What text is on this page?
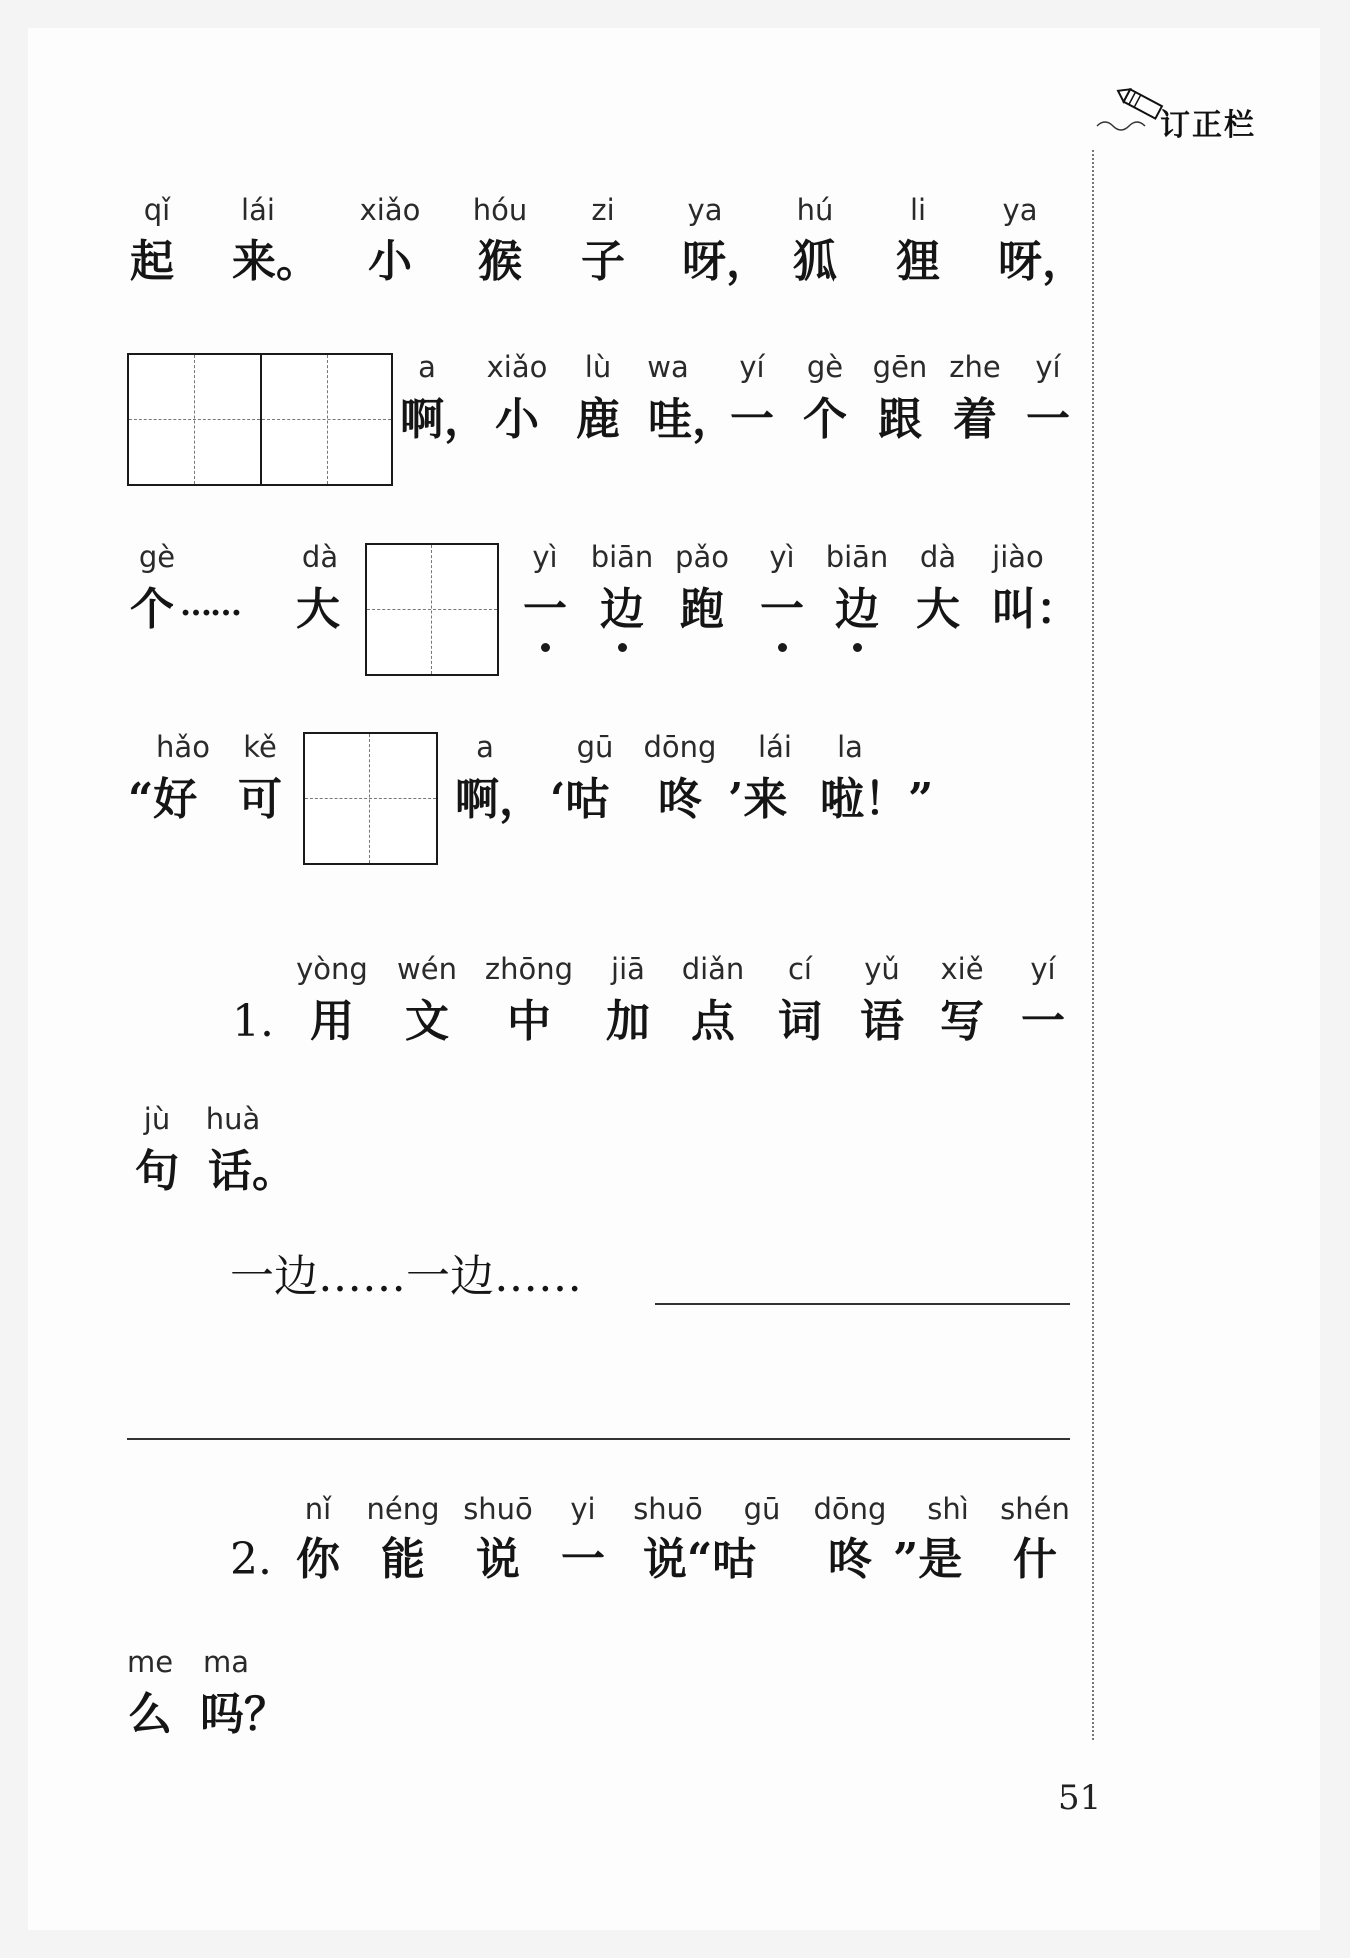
订正栏
qǐ	lái	xiǎo	hóu	zi	ya	hú	li	ya
起 来。	小	猴	子	呀， 狐	狸	呀，
a	xiǎo	lù	wa	yí	gè	gēn zhe	yí
啊， 小 鹿 哇，
一 个 跟 着 一
gè	dà	yì	biān pǎo	yì	biān	dà	jiào
个 ……	大	一 边 跑 一 边 大 叫：
hǎo	kě	a	gū	dōng	lái	la
“好 可	啊， ‘咕	咚 ’来 啦！”
yòng	wén zhōng	jiā	diǎn	cí	yǔ	xiě	yí
1. 用	文	中	加 点 词 语 写 一
jù	huà
句 话。
一边……一边……
nǐ	néng shuō	yi	shuō	gū	dōng	shì	shén
2. 你 能	说 一 说“咕	咚 ”是	什
me	ma
么 吗？
51
